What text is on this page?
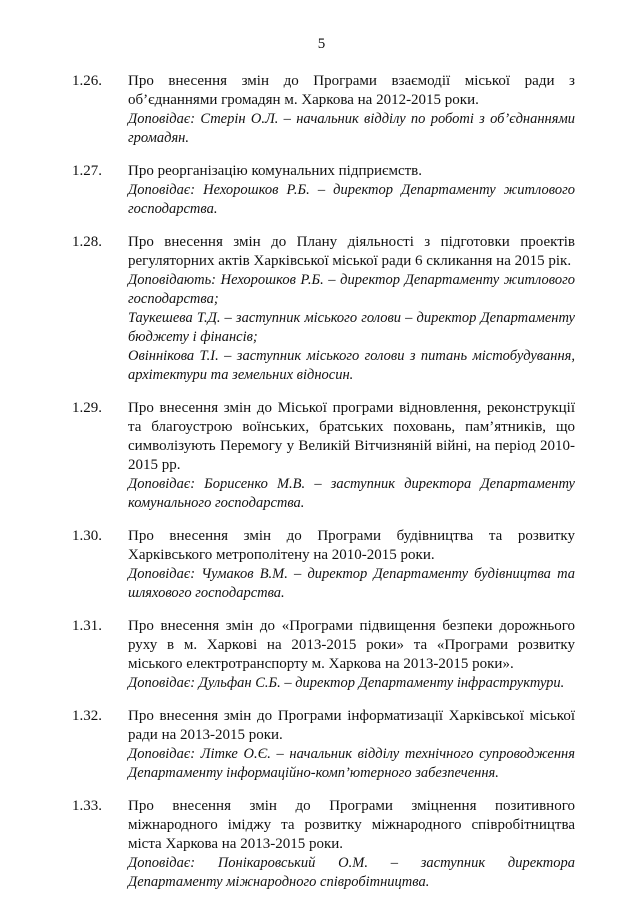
5
1.26. Про внесення змін до Програми взаємодії міської ради з об’єднаннями громадян м. Харкова на 2012-2015 роки.

Доповідає: Стерін О.Л. – начальник відділу по роботі з об’єднаннями громадян.

1.27. Про реорганізацію комунальних підприємств.

Доповідає: Нехорошков Р.Б. – директор Департаменту житлового господарства.

1.28. Про внесення змін до Плану діяльності з підготовки проектів регуляторних актів Харківської міської ради 6 скликання на 2015 рік.

Доповідають: Нехорошков Р.Б. – директор Департаменту житлового господарства;

Таукешева Т.Д. – заступник міського голови – директор Департаменту бюджету і фінансів;

Овіннікова Т.І. – заступник міського голови з питань містобудування, архітектури та земельних відносин.

1.29. Про внесення змін до Міської програми відновлення, реконструкції та благоустрою воїнських, братських поховань, пам’ятників, що символізують Перемогу у Великій Вітчизняній війні, на період 2010-2015 рр.

Доповідає: Борисенко М.В. – заступник директора Департаменту комунального господарства.

1.30. Про внесення змін до Програми будівництва та розвитку Харківського метрополітену на 2010-2015 роки.

Доповідає: Чумаков В.М. – директор Департаменту будівництва та шляхового господарства.

1.31. Про внесення змін до «Програми підвищення безпеки дорожнього руху в м. Харкові на 2013-2015 роки» та «Програми розвитку міського електротранспорту м. Харкова на 2013-2015 роки».

Доповідає: Дульфан С.Б. – директор Департаменту інфраструктури.

1.32. Про внесення змін до Програми інформатизації Харківської міської ради на 2013-2015 роки.

Доповідає: Літке О.Є. – начальник відділу технічного супроводження Департаменту інформаційно-комп’ютерного забезпечення.

1.33. Про внесення змін до Програми зміцнення позитивного міжнародного іміджу та розвитку міжнародного співробітництва міста Харкова на 2013-2015 роки.

Доповідає: Понікаровський О.М. – заступник директора Департаменту міжнародного співробітництва.
